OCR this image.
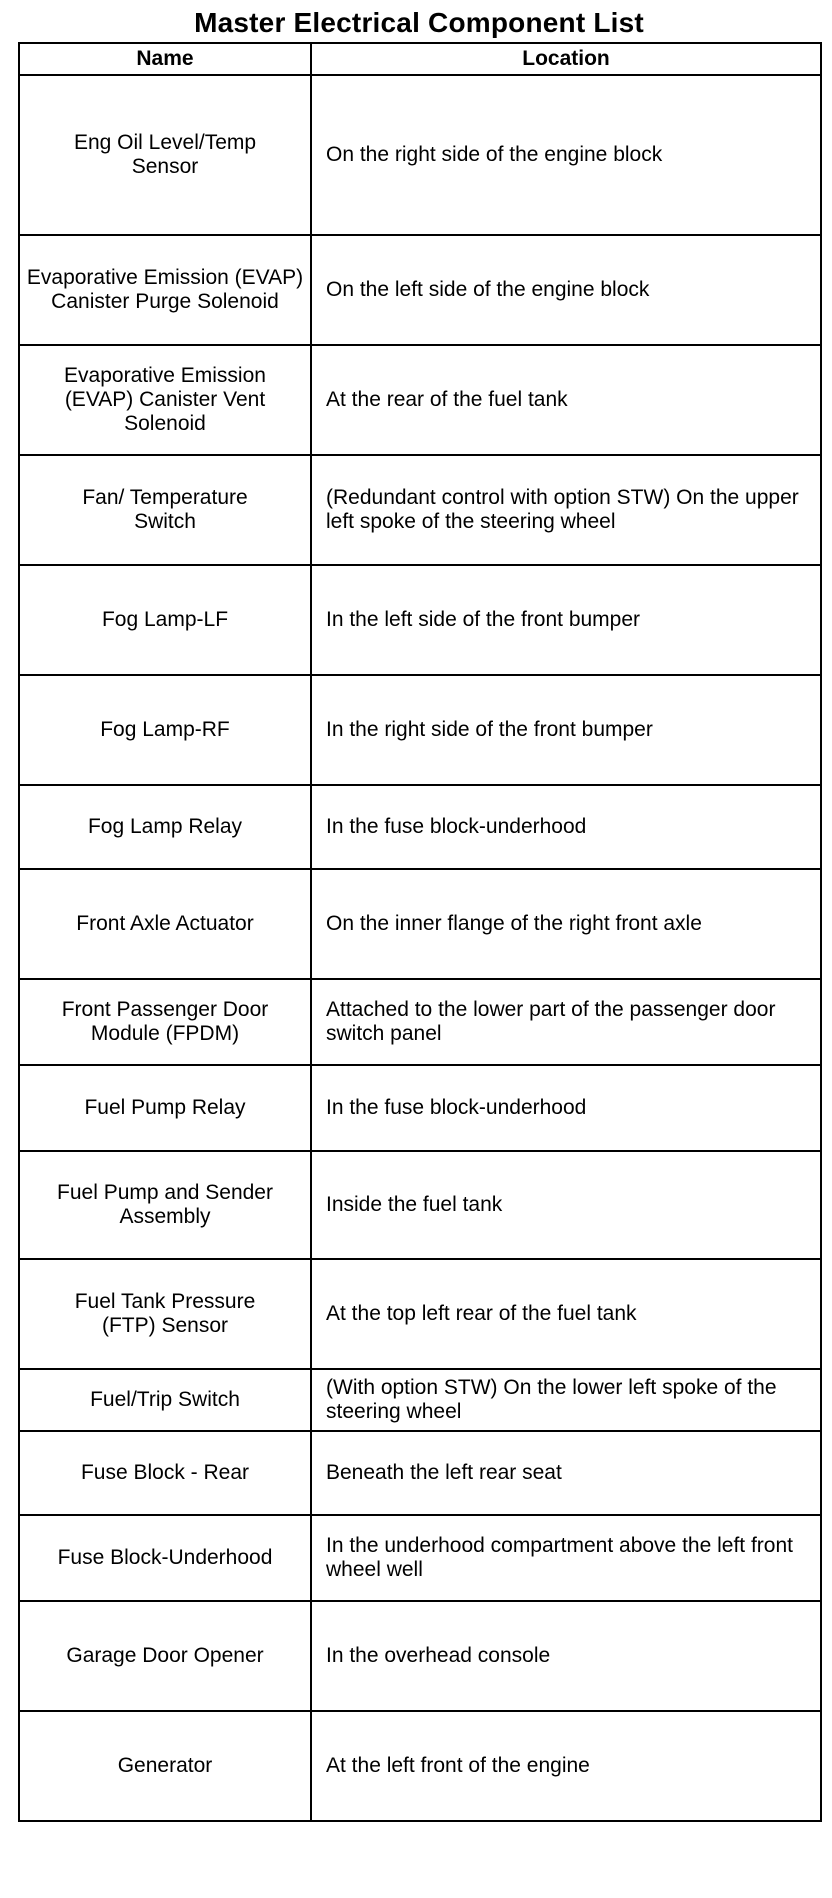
Master Electrical Component List
Name	Location
Eng Oil Level/Temp Sensor	On the right side of the engine block
Evaporative Emission (EVAP) Canister Purge Solenoid	On the left side of the engine block
Evaporative Emission (EVAP) Canister Vent Solenoid	At the rear of the fuel tank
Fan/ Temperature Switch	(Redundant control with option STW) On the upper left spoke of the steering wheel
Fog Lamp-LF	In the left side of the front bumper
Fog Lamp-RF	In the right side of the front bumper
Fog Lamp Relay	In the fuse block-underhood
Front Axle Actuator	On the inner flange of the right front axle
Front Passenger Door Module (FPDM)	Attached to the lower part of the passenger door switch panel
Fuel Pump Relay	In the fuse block-underhood
Fuel Pump and Sender Assembly	Inside the fuel tank
Fuel Tank Pressure (FTP) Sensor	At the top left rear of the fuel tank
Fuel/Trip Switch	(With option STW) On the lower left spoke of the steering wheel
Fuse Block - Rear	Beneath the left rear seat
Fuse Block-Underhood	In the underhood compartment above the left front wheel well
Garage Door Opener	In the overhead console
Generator	At the left front of the engine
